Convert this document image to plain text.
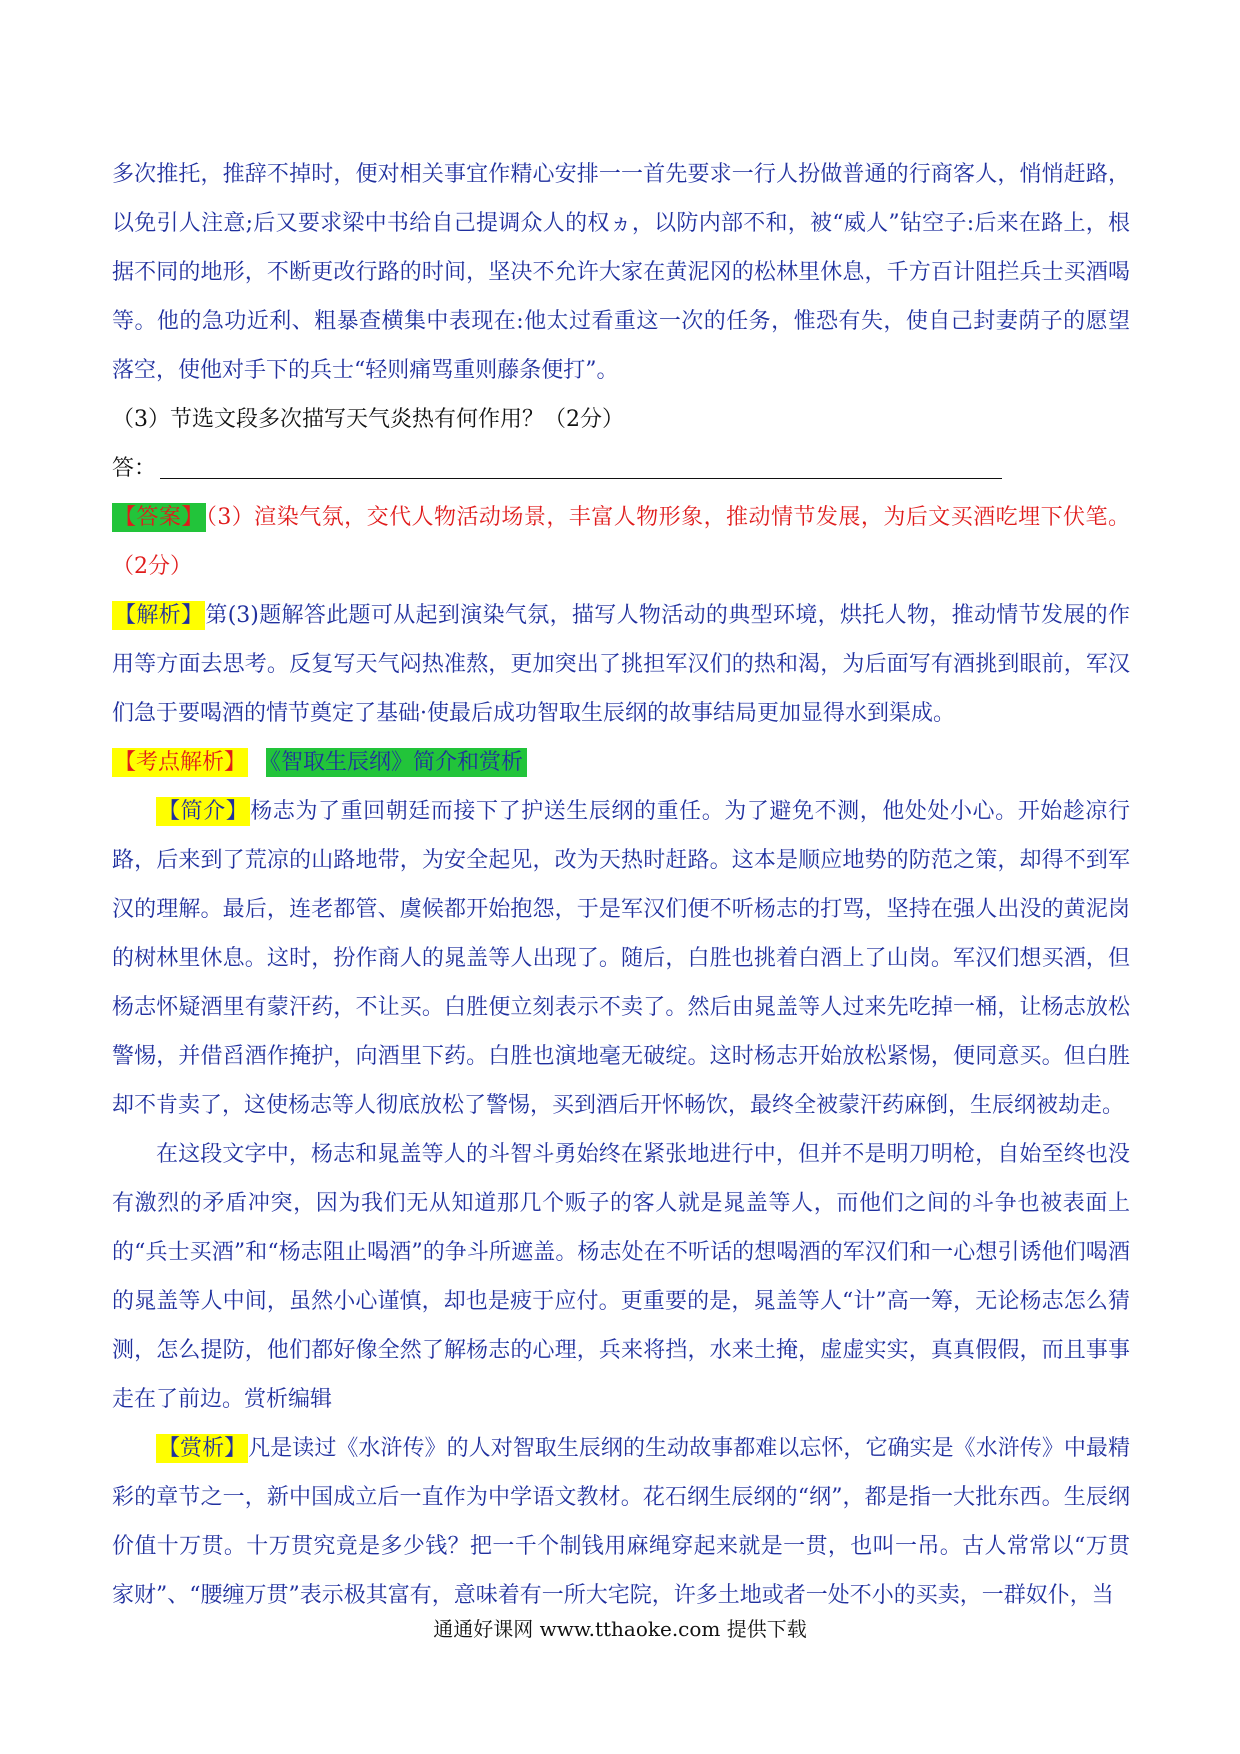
多次推托，推辞不掉时，便对相关事宜作精心安排一一首先要求一行人扮做普通的行商客人，悄悄赶路，以免引人注意;后又要求梁中书给自己提调众人的权ヵ，以防内部不和，被“威人”钻空子:后来在路上，根据不同的地形，不断更改行路的时间，坚决不允许大家在黄泥冈的松林里休息，千方百计阻拦兵士买酒喝等。他的急功近利、粗暴查横集中表现在:他太过看重这一次的任务，惟恐有失，使自己封妻荫子的愿望落空，使他对手下的兵士“轻则痛骂重则藤条便打”。

（3）节选文段多次描写天气炎热有何作用？（2分）

答：

【答案】（3）渲染气氛，交代人物活动场景，丰富人物形象，推动情节发展，为后文买酒吃埋下伏笔。（2分）

【解析】第(3)题解答此题可从起到演染气氛，描写人物活动的典型环境，烘托人物，推动情节发展的作用等方面去思考。反复写天气闷热准熬，更加突出了挑担军汉们的热和渴，为后面写有酒挑到眼前，军汉们急于要喝酒的情节奠定了基础·使最后成功智取生辰纲的故事结局更加显得水到渠成。

【考点解析】 《智取生辰纲》简介和赏析

【简介】杨志为了重回朝廷而接下了护送生辰纲的重任。为了避免不测，他处处小心。开始趁凉行路，后来到了荒凉的山路地带，为安全起见，改为天热时赶路。这本是顺应地势的防范之策，却得不到军汉的理解。最后，连老都管、虞候都开始抱怨，于是军汉们便不听杨志的打骂，坚持在强人出没的黄泥岗的树林里休息。这时，扮作商人的晁盖等人出现了。随后，白胜也挑着白酒上了山岗。军汉们想买酒，但杨志怀疑酒里有蒙汗药，不让买。白胜便立刻表示不卖了。然后由晁盖等人过来先吃掉一桶，让杨志放松警惕，并借舀酒作掩护，向酒里下药。白胜也演地毫无破绽。这时杨志开始放松紧惕，便同意买。但白胜却不肯卖了，这使杨志等人彻底放松了警惕，买到酒后开怀畅饮，最终全被蒙汗药麻倒，生辰纲被劫走。

在这段文字中，杨志和晁盖等人的斗智斗勇始终在紧张地进行中，但并不是明刀明枪，自始至终也没有激烈的矛盾冲突，因为我们无从知道那几个贩子的客人就是晁盖等人，而他们之间的斗争也被表面上的“兵士买酒”和“杨志阻止喝酒”的争斗所遮盖。杨志处在不听话的想喝酒的军汉们和一心想引诱他们喝酒的晁盖等人中间，虽然小心谨慎，却也是疲于应付。更重要的是，晁盖等人“计”高一筹，无论杨志怎么猜测，怎么提防，他们都好像全然了解杨志的心理，兵来将挡，水来土掩，虚虚实实，真真假假，而且事事走在了前边。赏析编辑

【赏析】凡是读过《水浒传》的人对智取生辰纲的生动故事都难以忘怀，它确实是《水浒传》中最精彩的章节之一，新中国成立后一直作为中学语文教材。花石纲生辰纲的“纲”，都是指一大批东西。生辰纲价值十万贯。十万贯究竟是多少钱？把一千个制钱用麻绳穿起来就是一贯，也叫一吊。古人常常以“万贯家财”、“腰缠万贯”表示极其富有，意味着有一所大宅院，许多土地或者一处不小的买卖，一群奴仆，当

通通好课网 www.tthaoke.com 提供下载
